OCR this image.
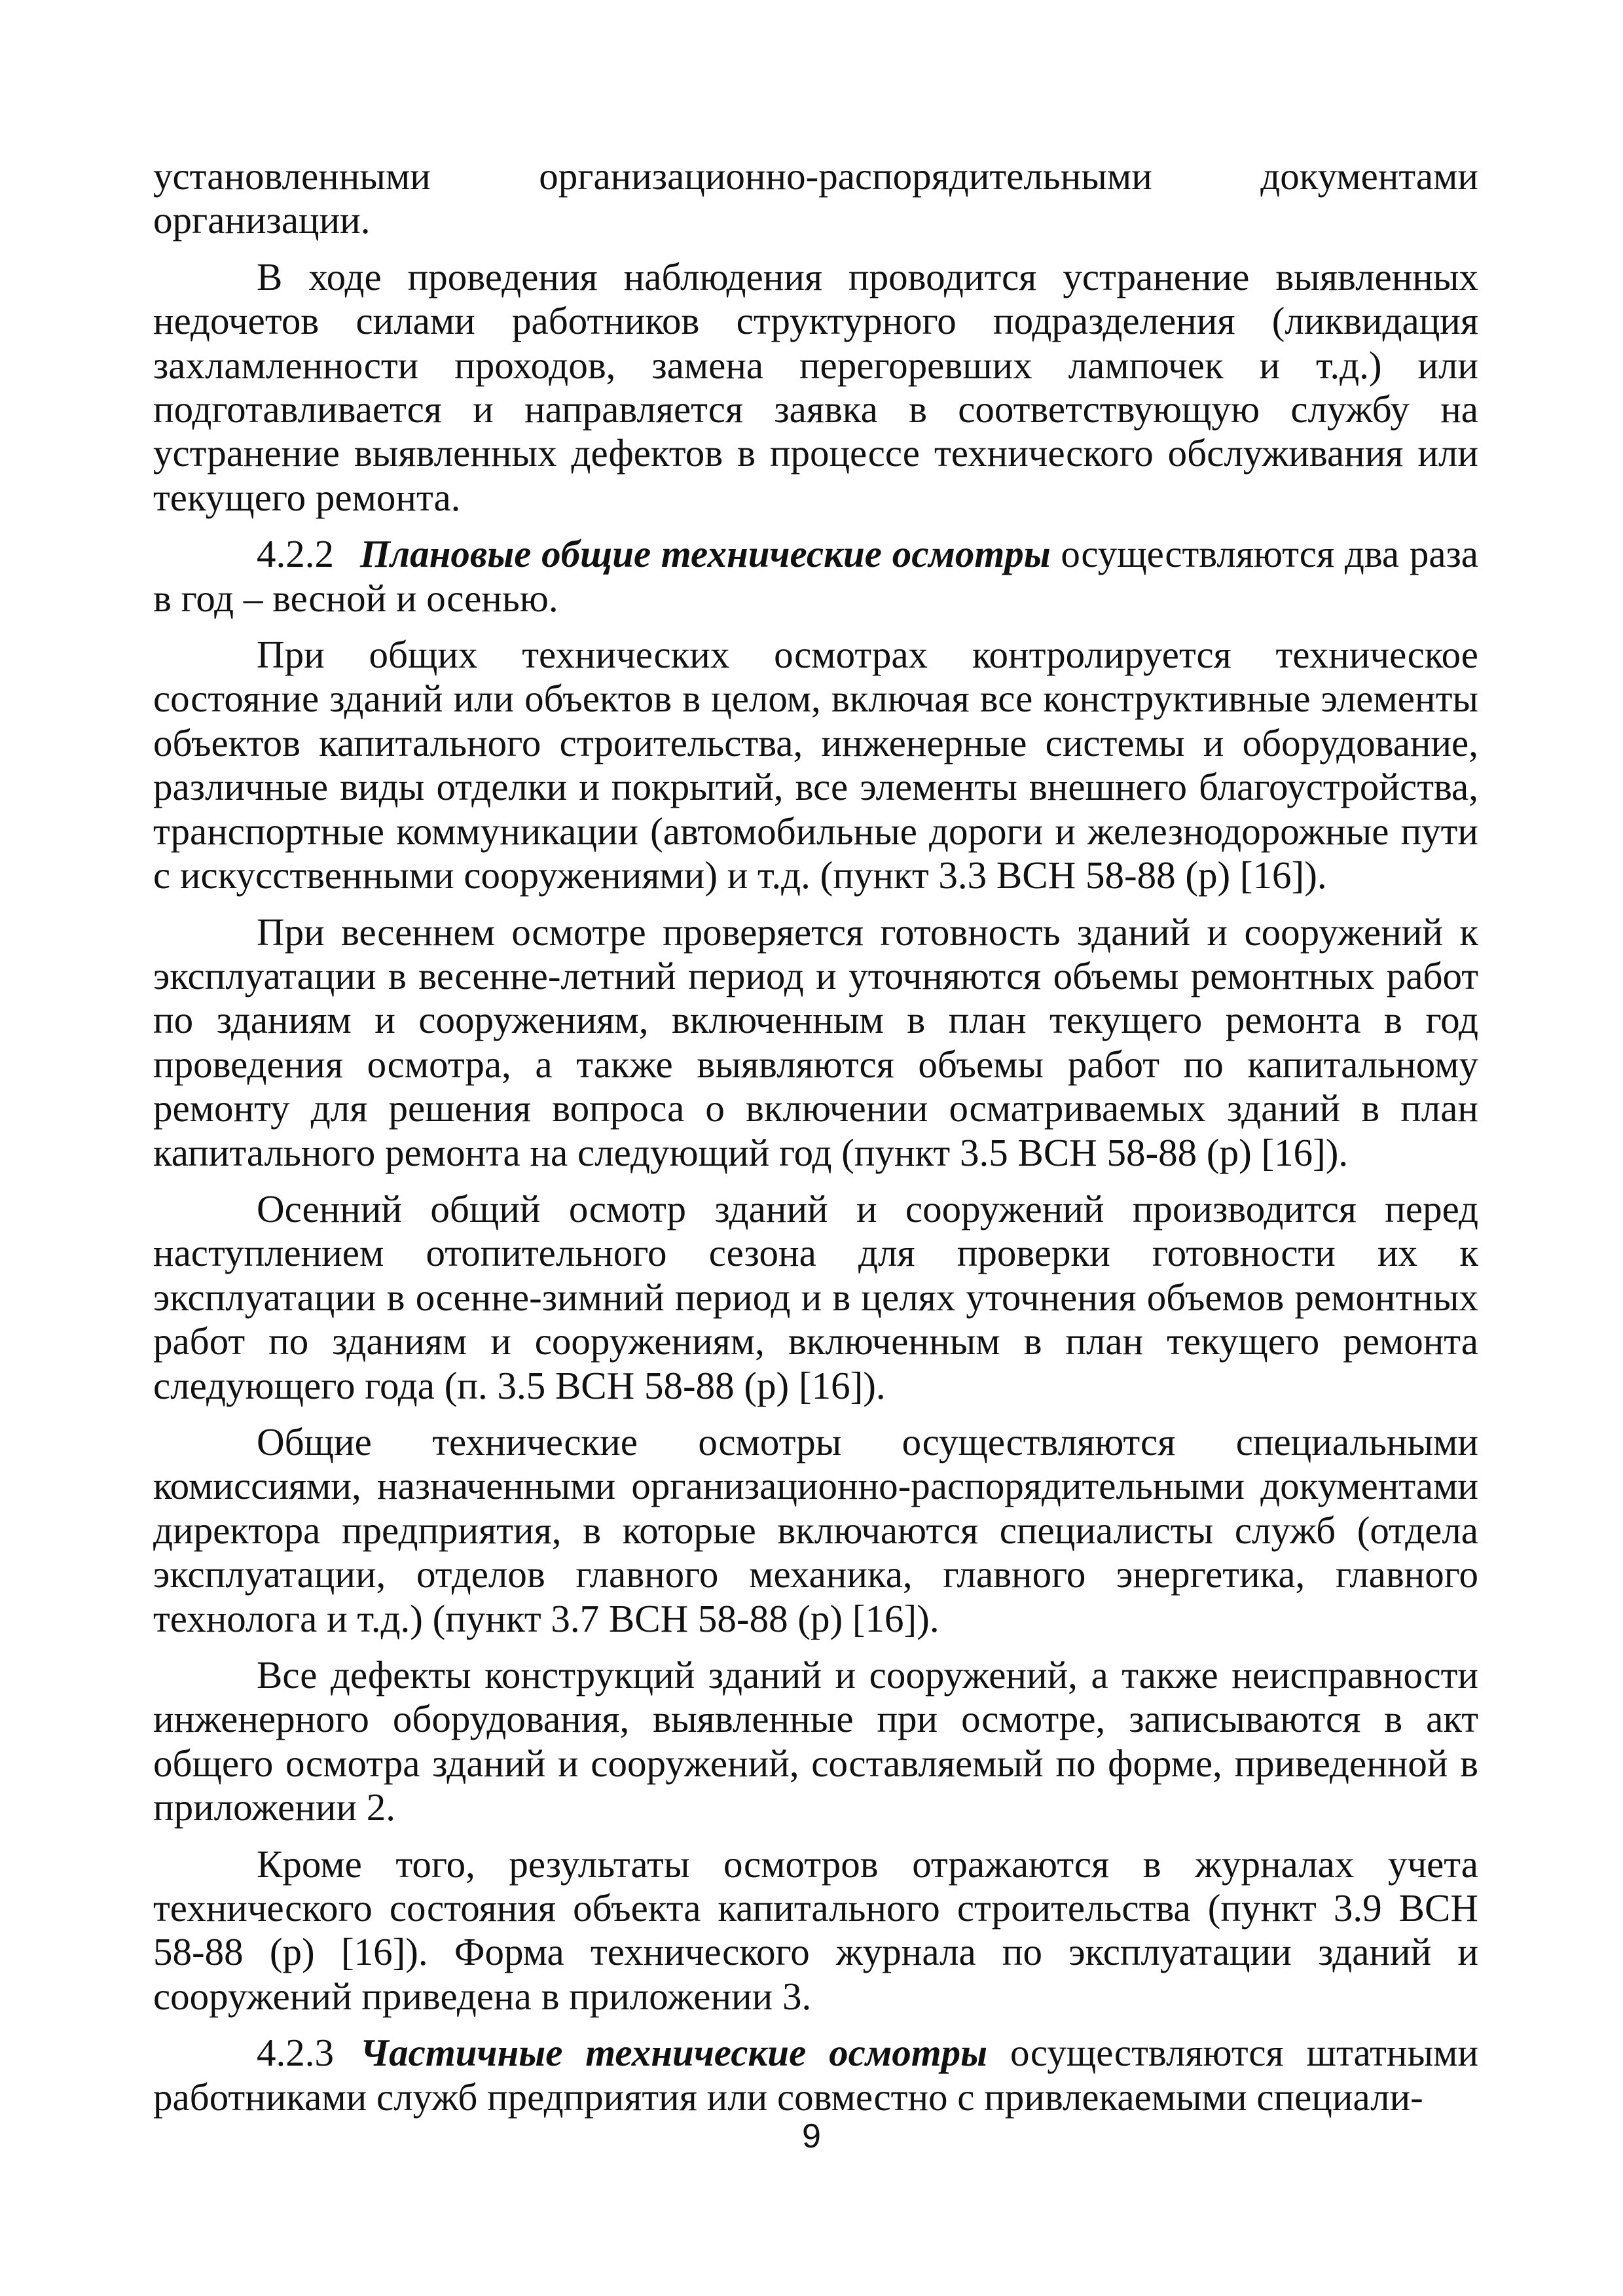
установленными организационно-распорядительными документами организации.

В ходе проведения наблюдения проводится устранение выявленных недочетов силами работников структурного подразделения (ликвидация захламленности проходов, замена перегоревших лампочек и т.д.) или подготавливается и направляется заявка в соответствующую службу на устранение выявленных дефектов в процессе технического обслуживания или текущего ремонта.

4.2.2 Плановые общие технические осмотры осуществляются два раза в год – весной и осенью.

При общих технических осмотрах контролируется техническое состояние зданий или объектов в целом, включая все конструктивные элементы объектов капитального строительства, инженерные системы и оборудование, различные виды отделки и покрытий, все элементы внешнего благоустройства, транспортные коммуникации (автомобильные дороги и железнодорожные пути с искусственными сооружениями) и т.д. (пункт 3.3 ВСН 58-88 (р) [16]).

При весеннем осмотре проверяется готовность зданий и сооружений к эксплуатации в весенне-летний период и уточняются объемы ремонтных работ по зданиям и сооружениям, включенным в план текущего ремонта в год проведения осмотра, а также выявляются объемы работ по капитальному ремонту для решения вопроса о включении осматриваемых зданий в план капитального ремонта на следующий год (пункт 3.5 ВСН 58-88 (р) [16]).

Осенний общий осмотр зданий и сооружений производится перед наступлением отопительного сезона для проверки готовности их к эксплуатации в осенне-зимний период и в целях уточнения объемов ремонтных работ по зданиям и сооружениям, включенным в план текущего ремонта следующего года (п. 3.5 ВСН 58-88 (р) [16]).

Общие технические осмотры осуществляются специальными комиссиями, назначенными организационно-распорядительными документами директора предприятия, в которые включаются специалисты служб (отдела эксплуатации, отделов главного механика, главного энергетика, главного технолога и т.д.) (пункт 3.7 ВСН 58-88 (р) [16]).

Все дефекты конструкций зданий и сооружений, а также неисправности инженерного оборудования, выявленные при осмотре, записываются в акт общего осмотра зданий и сооружений, составляемый по форме, приведенной в приложении 2.

Кроме того, результаты осмотров отражаются в журналах учета технического состояния объекта капитального строительства (пункт 3.9 ВСН 58-88 (р) [16]). Форма технического журнала по эксплуатации зданий и сооружений приведена в приложении 3.

4.2.3 Частичные технические осмотры осуществляются штатными работниками служб предприятия или совместно с привлекаемыми специали-

9
